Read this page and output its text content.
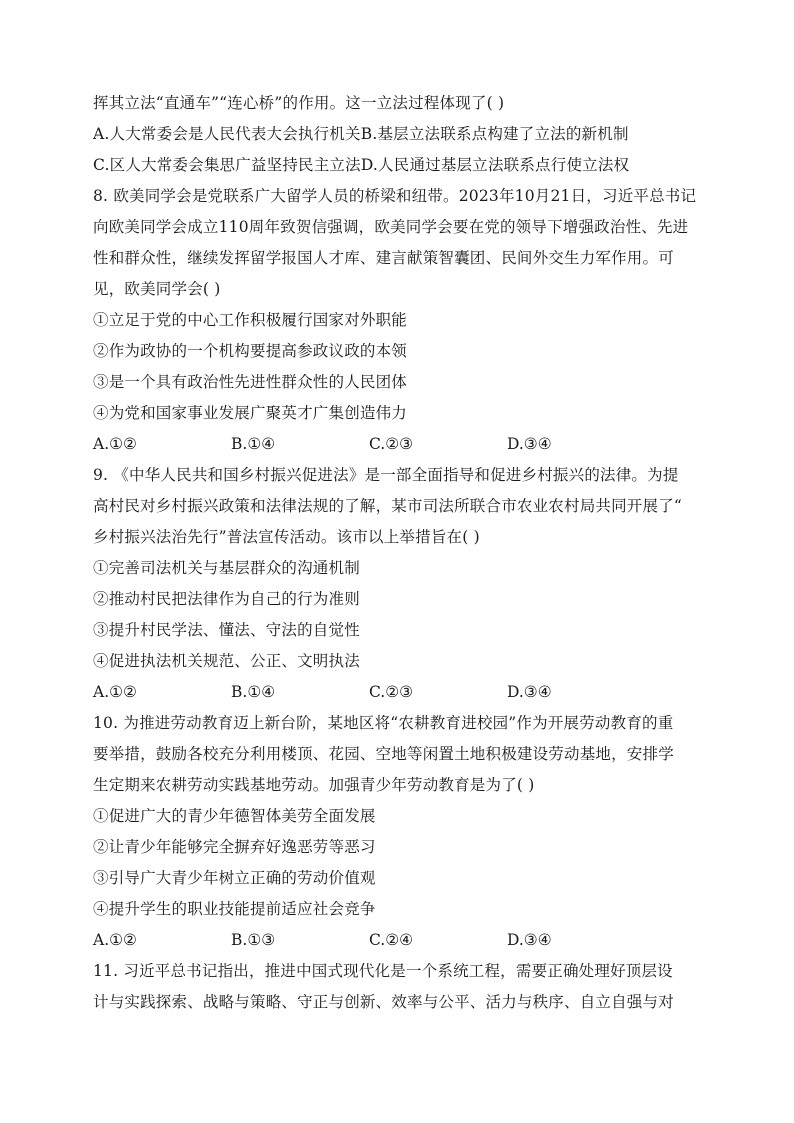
挥其立法“直通车”“连心桥”的作用。这一立法过程体现了( )
A.人大常委会是人民代表大会执行机关B.基层立法联系点构建了立法的新机制
C.区人大常委会集思广益坚持民主立法D.人民通过基层立法联系点行使立法权
8. 欧美同学会是党联系广大留学人员的桥梁和纽带。2023年10月21日，习近平总书记
向欧美同学会成立110周年致贺信强调，欧美同学会要在党的领导下增强政治性、先进
性和群众性，继续发挥留学报国人才库、建言献策智囊团、民间外交生力军作用。可
见，欧美同学会( )
①立足于党的中心工作积极履行国家对外职能
②作为政协的一个机构要提高参政议政的本领
③是一个具有政治性先进性群众性的人民团体
④为党和国家事业发展广聚英才广集创造伟力
A.①②	B.①④	C.②③	D.③④
9. 《中华人民共和国乡村振兴促进法》是一部全面指导和促进乡村振兴的法律。为提
高村民对乡村振兴政策和法律法规的了解，某市司法所联合市农业农村局共同开展了“
乡村振兴法治先行”普法宣传活动。该市以上举措旨在( )
①完善司法机关与基层群众的沟通机制
②推动村民把法律作为自己的行为准则
③提升村民学法、懂法、守法的自觉性
④促进执法机关规范、公正、文明执法
A.①②	B.①④	C.②③	D.③④
10. 为推进劳动教育迈上新台阶，某地区将“农耕教育进校园”作为开展劳动教育的重
要举措，鼓励各校充分利用楼顶、花园、空地等闲置土地积极建设劳动基地，安排学
生定期来农耕劳动实践基地劳动。加强青少年劳动教育是为了( )
①促进广大的青少年德智体美劳全面发展
②让青少年能够完全摒弃好逸恶劳等恶习
③引导广大青少年树立正确的劳动价值观
④提升学生的职业技能提前适应社会竞争
A.①②	B.①③	C.②④	D.③④
11. 习近平总书记指出，推进中国式现代化是一个系统工程，需要正确处理好顶层设
计与实践探索、战略与策略、守正与创新、效率与公平、活力与秩序、自立自强与对
